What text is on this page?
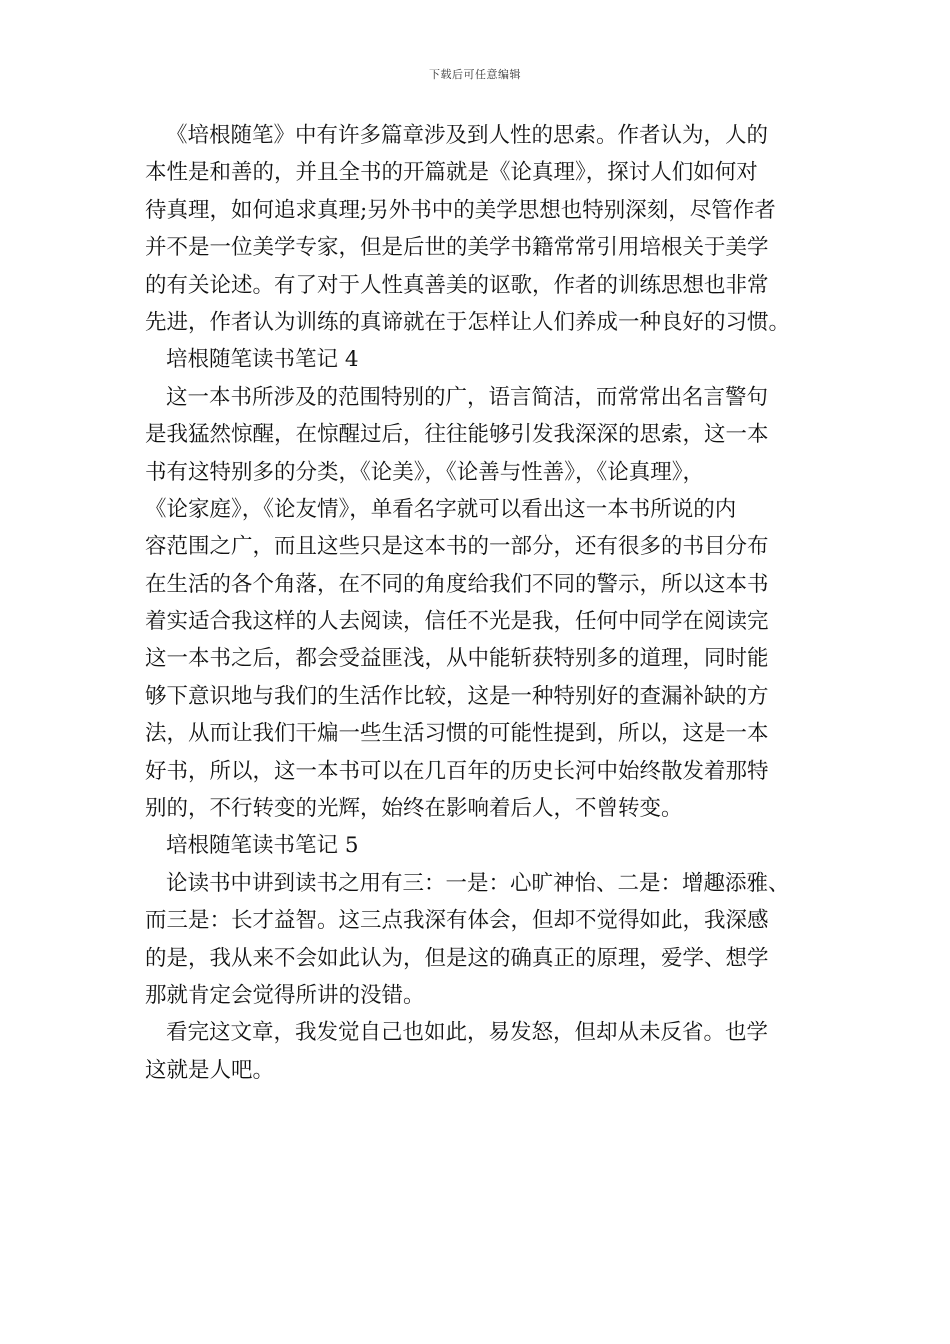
下载后可任意编辑
《培根随笔》中有许多篇章涉及到人性的思索。作者认为，人的
本性是和善的，并且全书的开篇就是《论真理》，探讨人们如何对
待真理，如何追求真理;另外书中的美学思想也特别深刻，尽管作者
并不是一位美学专家，但是后世的美学书籍常常引用培根关于美学
的有关论述。有了对于人性真善美的讴歌，作者的训练思想也非常
先进，作者认为训练的真谛就在于怎样让人们养成一种良好的习惯。
培根随笔读书笔记 4
这一本书所涉及的范围特别的广，语言简洁，而常常出名言警句
是我猛然惊醒，在惊醒过后，往往能够引发我深深的思索，这一本
书有这特别多的分类，《论美》，《论善与性善》，《论真理》，
《论家庭》，《论友情》，单看名字就可以看出这一本书所说的内
容范围之广，而且这些只是这本书的一部分，还有很多的书目分布
在生活的各个角落，在不同的角度给我们不同的警示，所以这本书
着实适合我这样的人去阅读，信任不光是我，任何中同学在阅读完
这一本书之后，都会受益匪浅，从中能斩获特别多的道理，同时能
够下意识地与我们的生活作比较，这是一种特别好的查漏补缺的方
法，从而让我们干煸一些生活习惯的可能性提到，所以，这是一本
好书，所以，这一本书可以在几百年的历史长河中始终散发着那特
别的，不行转变的光辉，始终在影响着后人，不曾转变。
培根随笔读书笔记 5
论读书中讲到读书之用有三：一是：心旷神怡、二是：增趣添雅、
而三是：长才益智。这三点我深有体会，但却不觉得如此，我深感
的是，我从来不会如此认为，但是这的确真正的原理，爱学、想学
那就肯定会觉得所讲的没错。
看完这文章，我发觉自己也如此，易发怒，但却从未反省。也学
这就是人吧。
